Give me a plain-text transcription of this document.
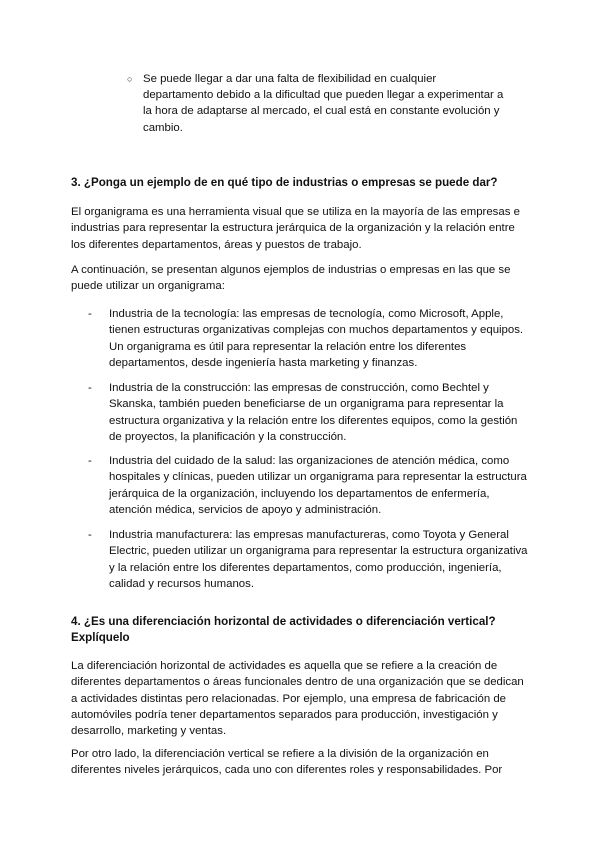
○ Se puede llegar a dar una falta de flexibilidad en cualquier departamento debido a la dificultad que pueden llegar a experimentar a la hora de adaptarse al mercado, el cual está en constante evolución y cambio.
3. ¿Ponga un ejemplo de en qué tipo de industrias o empresas se puede dar?

El organigrama es una herramienta visual que se utiliza en la mayoría de las empresas e industrias para representar la estructura jerárquica de la organización y la relación entre los diferentes departamentos, áreas y puestos de trabajo.

A continuación, se presentan algunos ejemplos de industrias o empresas en las que se puede utilizar un organigrama:

-	Industria de la tecnología: las empresas de tecnología, como Microsoft, Apple, tienen estructuras organizativas complejas con muchos departamentos y equipos. Un organigrama es útil para representar la relación entre los diferentes departamentos, desde ingeniería hasta marketing y finanzas.
-	Industria de la construcción: las empresas de construcción, como Bechtel y Skanska, también pueden beneficiarse de un organigrama para representar la estructura organizativa y la relación entre los diferentes equipos, como la gestión de proyectos, la planificación y la construcción.
-	Industria del cuidado de la salud: las organizaciones de atención médica, como hospitales y clínicas, pueden utilizar un organigrama para representar la estructura jerárquica de la organización, incluyendo los departamentos de enfermería, atención médica, servicios de apoyo y administración.
-	Industria manufacturera: las empresas manufactureras, como Toyota y General Electric, pueden utilizar un organigrama para representar la estructura organizativa y la relación entre los diferentes departamentos, como producción, ingeniería, calidad y recursos humanos.
4. ¿Es una diferenciación horizontal de actividades o diferenciación vertical? Explíquelo

La diferenciación horizontal de actividades es aquella que se refiere a la creación de diferentes departamentos o áreas funcionales dentro de una organización que se dedican a actividades distintas pero relacionadas. Por ejemplo, una empresa de fabricación de automóviles podría tener departamentos separados para producción, investigación y desarrollo, marketing y ventas.

Por otro lado, la diferenciación vertical se refiere a la división de la organización en diferentes niveles jerárquicos, cada uno con diferentes roles y responsabilidades. Por
